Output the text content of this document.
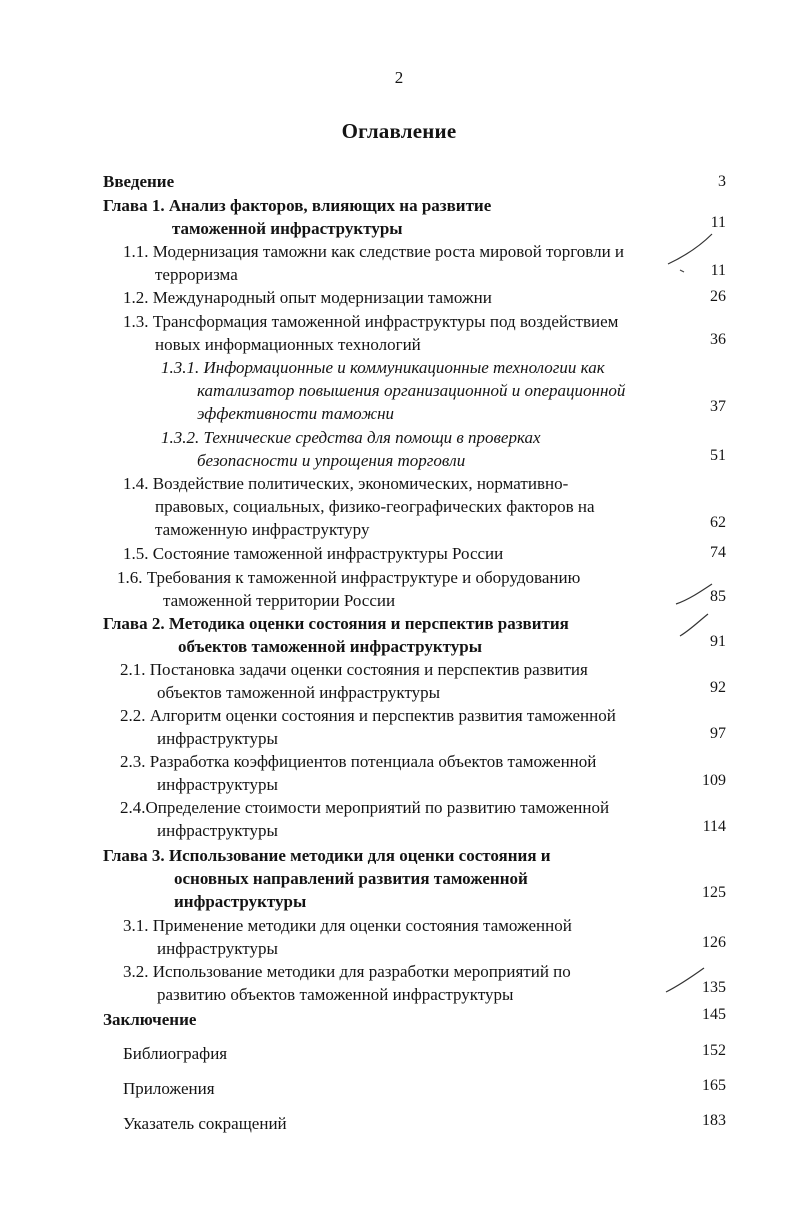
2
Оглавление
Введение	3
Глава 1. Анализ факторов, влияющих на развитие
таможенной инфраструктуры	11
1.1. Модернизация таможни как следствие роста мировой торговли и
терроризма	11
1.2. Международный опыт модернизации таможни	26
1.3. Трансформация таможенной инфраструктуры под воздействием
новых информационных технологий	36
1.3.1. Информационные и коммуникационные технологии как
катализатор повышения организационной и операционной
эффективности таможни	37
1.3.2. Технические средства для помощи в проверках
безопасности и упрощения торговли	51
1.4. Воздействие политических, экономических, нормативно-
правовых, социальных, физико-географических факторов на
таможенную инфраструктуру	62
1.5. Состояние таможенной инфраструктуры России	74
1.6. Требования к таможенной инфраструктуре и оборудованию
таможенной территории России	85
Глава 2. Методика оценки состояния и перспектив развития
объектов таможенной инфраструктуры	91
2.1. Постановка задачи оценки состояния и перспектив развития
объектов таможенной инфраструктуры	92
2.2. Алгоритм оценки состояния и перспектив развития таможенной
инфраструктуры	97
2.3. Разработка коэффициентов потенциала объектов таможенной
инфраструктуры	109
2.4.Определение стоимости мероприятий по развитию таможенной
инфраструктуры	114
Глава 3. Использование методики для оценки состояния и
основных направлений развития таможенной
инфраструктуры	125
3.1. Применение методики для оценки состояния таможенной
инфраструктуры	126
3.2. Использование методики для разработки мероприятий по
развитию объектов таможенной инфраструктуры	135
Заключение	145
Библиография	152
Приложения	165
Указатель сокращений	183
